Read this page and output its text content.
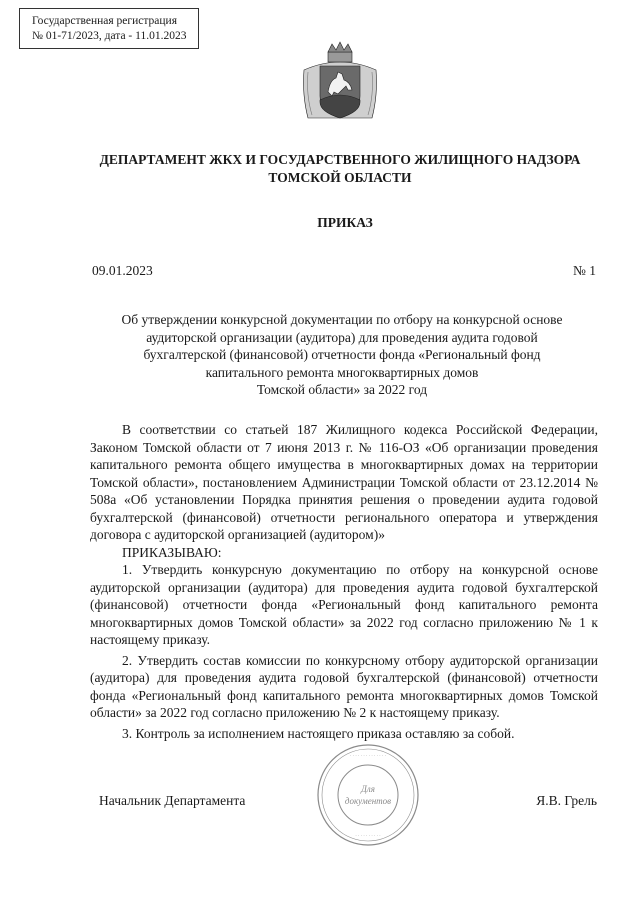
Государственная регистрация
№ 01-71/2023, дата - 11.01.2023
ДЕПАРТАМЕНТ ЖКХ И ГОСУДАРСТВЕННОГО ЖИЛИЩНОГО НАДЗОРА
ТОМСКОЙ ОБЛАСТИ
ПРИКАЗ
09.01.2023	№ 1
Об утверждении конкурсной документации по отбору на конкурсной основе
аудиторской организации (аудитора) для проведения аудита годовой
бухгалтерской (финансовой) отчетности фонда «Региональный фонд
капитального ремонта многоквартирных домов
Томской области» за 2022 год

В соответствии со статьей 187 Жилищного кодекса Российской Федерации, Законом Томской области от 7 июня 2013 г. № 116-ОЗ «Об организации проведения капитального ремонта общего имущества в многоквартирных домах на территории Томской области», постановлением Администрации Томской области от 23.12.2014 № 508а «Об установлении Порядка принятия решения о проведении аудита годовой бухгалтерской (финансовой) отчетности регионального оператора и утверждения договора с аудиторской организацией (аудитором)»

ПРИКАЗЫВАЮ:

1. Утвердить конкурсную документацию по отбору на конкурсной основе аудиторской организации (аудитора) для проведения аудита годовой бухгалтерской (финансовой) отчетности фонда «Региональный фонд капитального ремонта многоквартирных домов Томской области» за 2022 год согласно приложению № 1 к настоящему приказу.

2. Утвердить состав комиссии по конкурсному отбору аудиторской организации (аудитора) для проведения аудита годовой бухгалтерской (финансовой) отчетности фонда «Региональный фонд капитального ремонта многоквартирных домов Томской области» за 2022 год согласно приложению № 2 к настоящему приказу.

3. Контроль за исполнением настоящего приказа оставляю за собой.

Начальник Департамента	Я.В. Грель
· · · · · · · · · · · · · ·
· · · · · · · · · ·
Для
документов
